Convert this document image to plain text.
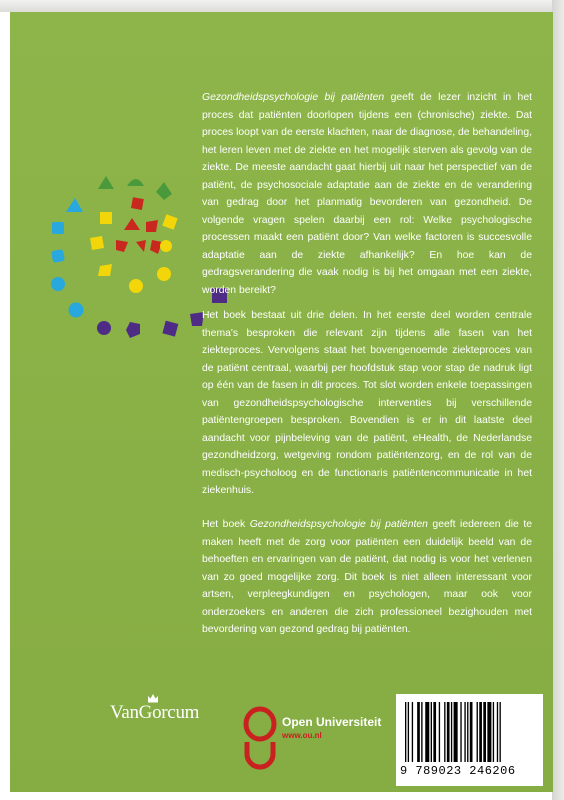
Gezondheidspsychologie bij patiënten geeft de lezer inzicht in het proces dat patiënten doorlopen tijdens een (chronische) ziekte. Dat proces loopt van de eerste klachten, naar de diagnose, de behandeling, het leren leven met de ziekte en het mogelijk sterven als gevolg van de ziekte. De meeste aandacht gaat hierbij uit naar het perspectief van de patiënt, de psychosociale adaptatie aan de ziekte en de verandering van gedrag door het planmatig bevorderen van gezondheid. De volgende vragen spelen daarbij een rol: Welke psychologische processen maakt een patiënt door? Van welke factoren is succesvolle adaptatie aan de ziekte afhankelijk? En hoe kan de gedragsverandering die vaak nodig is bij het omgaan met een ziekte, worden bereikt?

Het boek bestaat uit drie delen. In het eerste deel worden centrale thema's besproken die relevant zijn tijdens alle fasen van het ziekteproces. Vervolgens staat het bovengenoemde ziekteproces van de patiënt centraal, waarbij per hoofdstuk stap voor stap de nadruk ligt op één van de fasen in dit proces. Tot slot worden enkele toepassingen van gezondheidspsychologische interventies bij verschillende patiëntengroepen besproken. Bovendien is er in dit laatste deel aandacht voor pijnbeleving van de patiënt, eHealth, de Nederlandse gezondheidzorg, wetgeving rondom patiëntenzorg, en de rol van de medisch-psycholoog en de functionaris patiëntencommunicatie in het ziekenhuis.

Het boek Gezondheidspsychologie bij patiënten geeft iedereen die te maken heeft met de zorg voor patiënten een duidelijk beeld van de behoeften en ervaringen van de patiënt, dat nodig is voor het verlenen van zo goed mogelijke zorg. Dit boek is niet alleen interessant voor artsen, verpleegkundigen en psychologen, maar ook voor onderzoekers en anderen die zich professioneel bezighouden met bevordering van gezond gedrag bij patiënten.

VanGorcum	Open Universiteit
www.ou.nl
9 789023 246206
